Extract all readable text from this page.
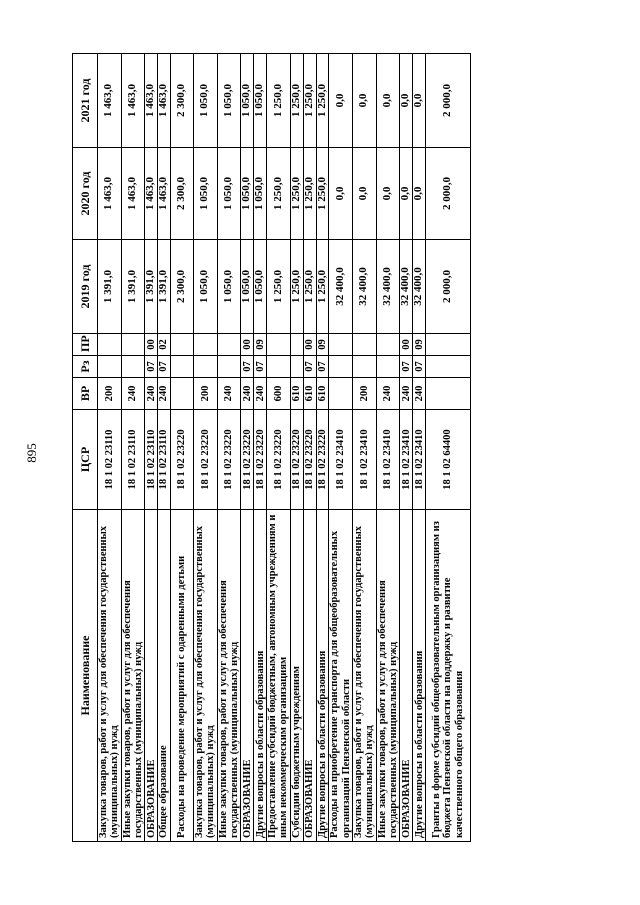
895
Наименование	ЦСР	ВР	Рз	ПР	2019 год	2020 год	2021 год
Закупка товаров, работ и услуг для обеспечения государственных (муниципальных) нужд	18 1 02 23110	200			1 391,0	1 463,0	1 463,0
Иные закупки товаров, работ и услуг для обеспечения государственных (муниципальных) нужд	18 1 02 23110	240			1 391,0	1 463,0	1 463,0
ОБРАЗОВАНИЕ	18 1 02 23110	240	07	00	1 391,0	1 463,0	1 463,0
Общее образование	18 1 02 23110	240	07	02	1 391,0	1 463,0	1 463,0
Расходы на проведение мероприятий с одаренными детьми	18 1 02 23220				2 300,0	2 300,0	2 300,0
Закупка товаров, работ и услуг для обеспечения государственных (муниципальных) нужд	18 1 02 23220	200			1 050,0	1 050,0	1 050,0
Иные закупки товаров, работ и услуг для обеспечения государственных (муниципальных) нужд	18 1 02 23220	240			1 050,0	1 050,0	1 050,0
ОБРАЗОВАНИЕ	18 1 02 23220	240	07	00	1 050,0	1 050,0	1 050,0
Другие вопросы в области образования	18 1 02 23220	240	07	09	1 050,0	1 050,0	1 050,0
Предоставление субсидий бюджетным, автономным учреждениям и иным некоммерческим организациям	18 1 02 23220	600			1 250,0	1 250,0	1 250,0
Субсидии бюджетным учреждениям	18 1 02 23220	610			1 250,0	1 250,0	1 250,0
ОБРАЗОВАНИЕ	18 1 02 23220	610	07	00	1 250,0	1 250,0	1 250,0
Другие вопросы в области образования	18 1 02 23220	610	07	09	1 250,0	1 250,0	1 250,0
Расходы на приобретение транспорта для общеобразовательных организаций Пензенской области	18 1 02 23410				32 400,0	0,0	0,0
Закупка товаров, работ и услуг для обеспечения государственных (муниципальных) нужд	18 1 02 23410	200			32 400,0	0,0	0,0
Иные закупки товаров, работ и услуг для обеспечения государственных (муниципальных) нужд	18 1 02 23410	240			32 400,0	0,0	0,0
ОБРАЗОВАНИЕ	18 1 02 23410	240	07	00	32 400,0	0,0	0,0
Другие вопросы в области образования	18 1 02 23410	240	07	09	32 400,0	0,0	0,0
Гранты в форме субсидий общеобразовательным организациям из бюджета Пензенской области на поддержку и развитие качественного общего образования	18 1 02 64400				2 000,0	2 000,0	2 000,0
